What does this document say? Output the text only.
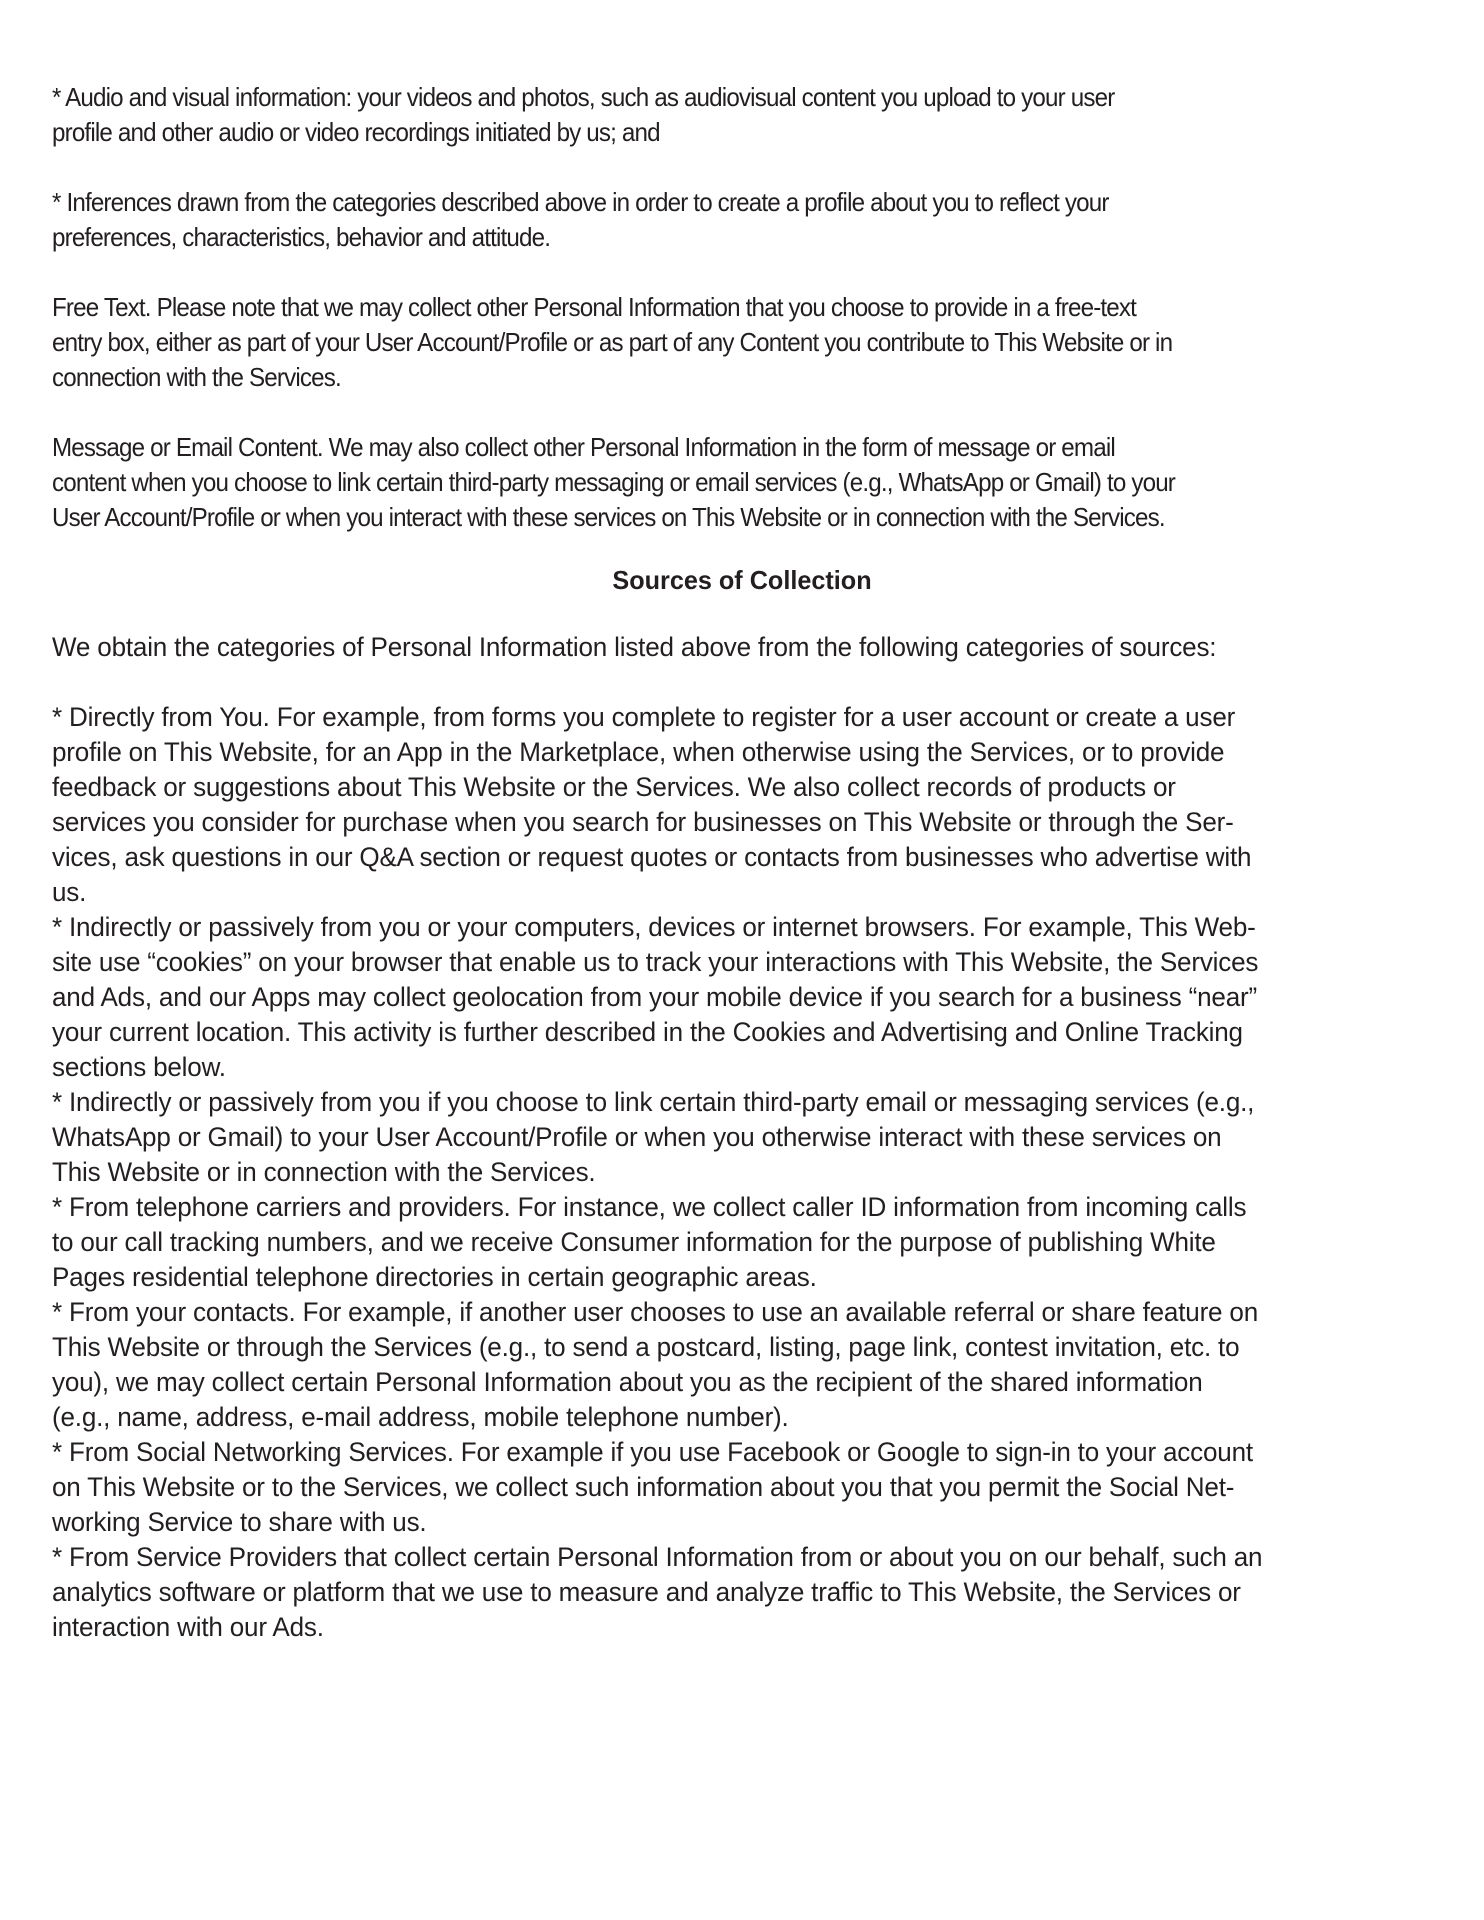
* Audio and visual information: your videos and photos, such as audiovisual content you upload to your user
profile and other audio or video recordings initiated by us; and

* Inferences drawn from the categories described above in order to create a profile about you to reflect your
preferences, characteristics, behavior and attitude.

Free Text. Please note that we may collect other Personal Information that you choose to provide in a free-text
entry box, either as part of your User Account/Profile or as part of any Content you contribute to This Website or in
connection with the Services.

Message or Email Content. We may also collect other Personal Information in the form of message or email
content when you choose to link certain third-party messaging or email services (e.g., WhatsApp or Gmail) to your
User Account/Profile or when you interact with these services on This Website or in connection with the Services.

Sources of Collection

We obtain the categories of Personal Information listed above from the following categories of sources:

* Directly from You. For example, from forms you complete to register for a user account or create a user
profile on This Website, for an App in the Marketplace, when otherwise using the Services, or to provide
feedback or suggestions about This Website or the Services. We also collect records of products or
services you consider for purchase when you search for businesses on This Website or through the Ser-
vices, ask questions in our Q&A section or request quotes or contacts from businesses who advertise with
us.

* Indirectly or passively from you or your computers, devices or internet browsers. For example, This Web-
site use “cookies” on your browser that enable us to track your interactions with This Website, the Services
and Ads, and our Apps may collect geolocation from your mobile device if you search for a business “near”
your current location. This activity is further described in the Cookies and Advertising and Online Tracking
sections below.

* Indirectly or passively from you if you choose to link certain third-party email or messaging services (e.g.,
WhatsApp or Gmail) to your User Account/Profile or when you otherwise interact with these services on
This Website or in connection with the Services.

* From telephone carriers and providers. For instance, we collect caller ID information from incoming calls
to our call tracking numbers, and we receive Consumer information for the purpose of publishing White
Pages residential telephone directories in certain geographic areas.

* From your contacts. For example, if another user chooses to use an available referral or share feature on
This Website or through the Services (e.g., to send a postcard, listing, page link, contest invitation, etc. to
you), we may collect certain Personal Information about you as the recipient of the shared information
(e.g., name, address, e-mail address, mobile telephone number).

* From Social Networking Services. For example if you use Facebook or Google to sign-in to your account
on This Website or to the Services, we collect such information about you that you permit the Social Net-
working Service to share with us.

* From Service Providers that collect certain Personal Information from or about you on our behalf, such an
analytics software or platform that we use to measure and analyze traffic to This Website, the Services or
interaction with our Ads.
